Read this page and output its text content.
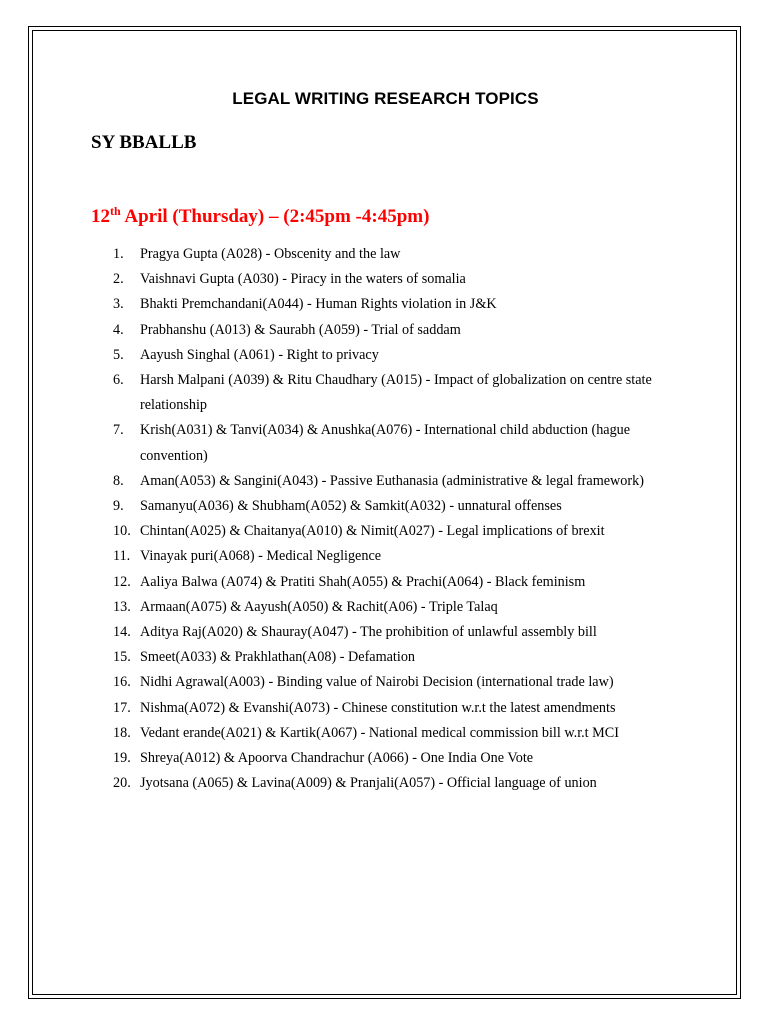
LEGAL WRITING RESEARCH TOPICS
SY BBALLB
12th April (Thursday) – (2:45pm -4:45pm)
1.	Pragya Gupta (A028) - Obscenity and the law
2.	Vaishnavi Gupta (A030) - Piracy in the waters of somalia
3.	Bhakti Premchandani(A044) - Human Rights violation in J&K
4.	Prabhanshu (A013) & Saurabh (A059) - Trial of saddam
5.	Aayush Singhal (A061) - Right to privacy
6.	Harsh Malpani (A039) & Ritu Chaudhary (A015) - Impact of globalization on centre state relationship
7.	Krish(A031) & Tanvi(A034) & Anushka(A076) - International child abduction (hague convention)
8.	Aman(A053) & Sangini(A043) - Passive Euthanasia (administrative & legal framework)
9.	Samanyu(A036) & Shubham(A052) & Samkit(A032) - unnatural offenses
10. Chintan(A025) & Chaitanya(A010) & Nimit(A027) - Legal implications of brexit
11. Vinayak puri(A068) - Medical Negligence
12. Aaliya Balwa (A074) & Pratiti Shah(A055) & Prachi(A064) - Black feminism
13. Armaan(A075) & Aayush(A050) & Rachit(A06) - Triple Talaq
14. Aditya Raj(A020) & Shauray(A047) - The prohibition of unlawful assembly bill
15. Smeet(A033) & Prakhlathan(A08) - Defamation
16. Nidhi Agrawal(A003) - Binding value of Nairobi Decision (international trade law)
17. Nishma(A072) & Evanshi(A073) - Chinese constitution w.r.t the latest amendments
18. Vedant erande(A021) & Kartik(A067) - National medical commission bill w.r.t MCI
19. Shreya(A012) & Apoorva Chandrachur (A066) - One India One Vote
20. Jyotsana (A065) & Lavina(A009) & Pranjali(A057) - Official language of union
